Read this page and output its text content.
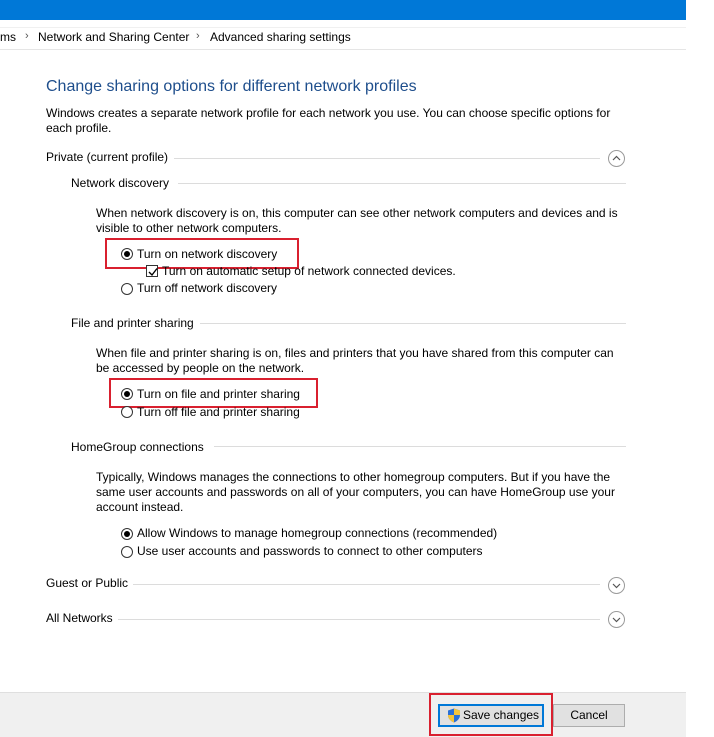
ms › Network and Sharing Center › Advanced sharing settings
Change sharing options for different network profiles
Windows creates a separate network profile for each network you use. You can choose specific options for
each profile.
Private (current profile)
Network discovery
When network discovery is on, this computer can see other network computers and devices and is
visible to other network computers.
Turn on network discovery
Turn on automatic setup of network connected devices.
Turn off network discovery
File and printer sharing
When file and printer sharing is on, files and printers that you have shared from this computer can
be accessed by people on the network.
Turn on file and printer sharing
Turn off file and printer sharing
HomeGroup connections
Typically, Windows manages the connections to other homegroup computers. But if you have the
same user accounts and passwords on all of your computers, you can have HomeGroup use your
account instead.
Allow Windows to manage homegroup connections (recommended)
Use user accounts and passwords to connect to other computers
Guest or Public
All Networks
Save changes	Cancel
